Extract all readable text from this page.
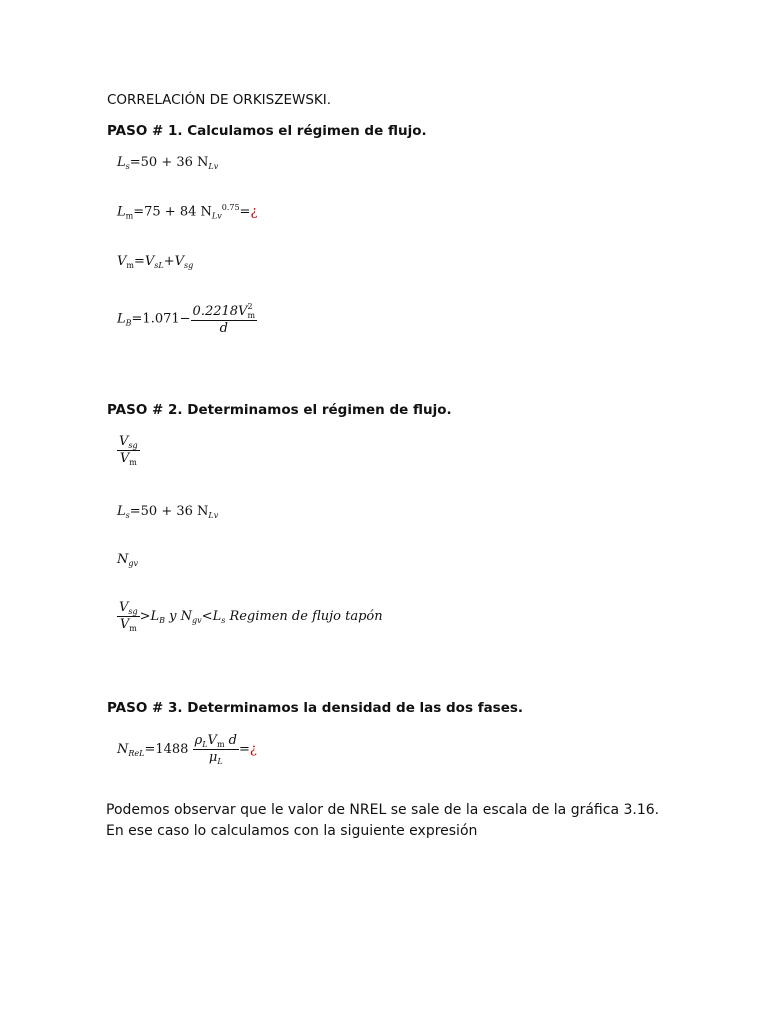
CORRELACIÓN DE ORKISZEWSKI.
PASO # 1. Calculamos el régimen de flujo.
$L_s=50 + 36$ $N_{Lv}$
$L_m=75 + 84$ $N_{Lv}^{0.75}=¿$
$V_m=V_{sL}+V_{sg}$
$L_B=1.071- \frac{0.2218V^2_m}{d}$
PASO # 2. Determinamos el régimen de flujo.
$\frac{V_{sg}}{V_m}$
$L_s=50 + 36$ $N_{Lv}$
$N_{gv}$
$\frac{V_{sg}}{V_m} >L_B$ y $N_{gv}<L_s$ Regimen de flujo tapón
PASO # 3. Determinamos la densidad de las dos fases.
$N_{ReL}=1488 \frac{\rho_LV_m d}{\mu_L}$ =¿
Podemos observar que le valor de NREL se sale de la escala de la gráfica 3.16.
En ese caso lo calculamos con la siguiente expresión
